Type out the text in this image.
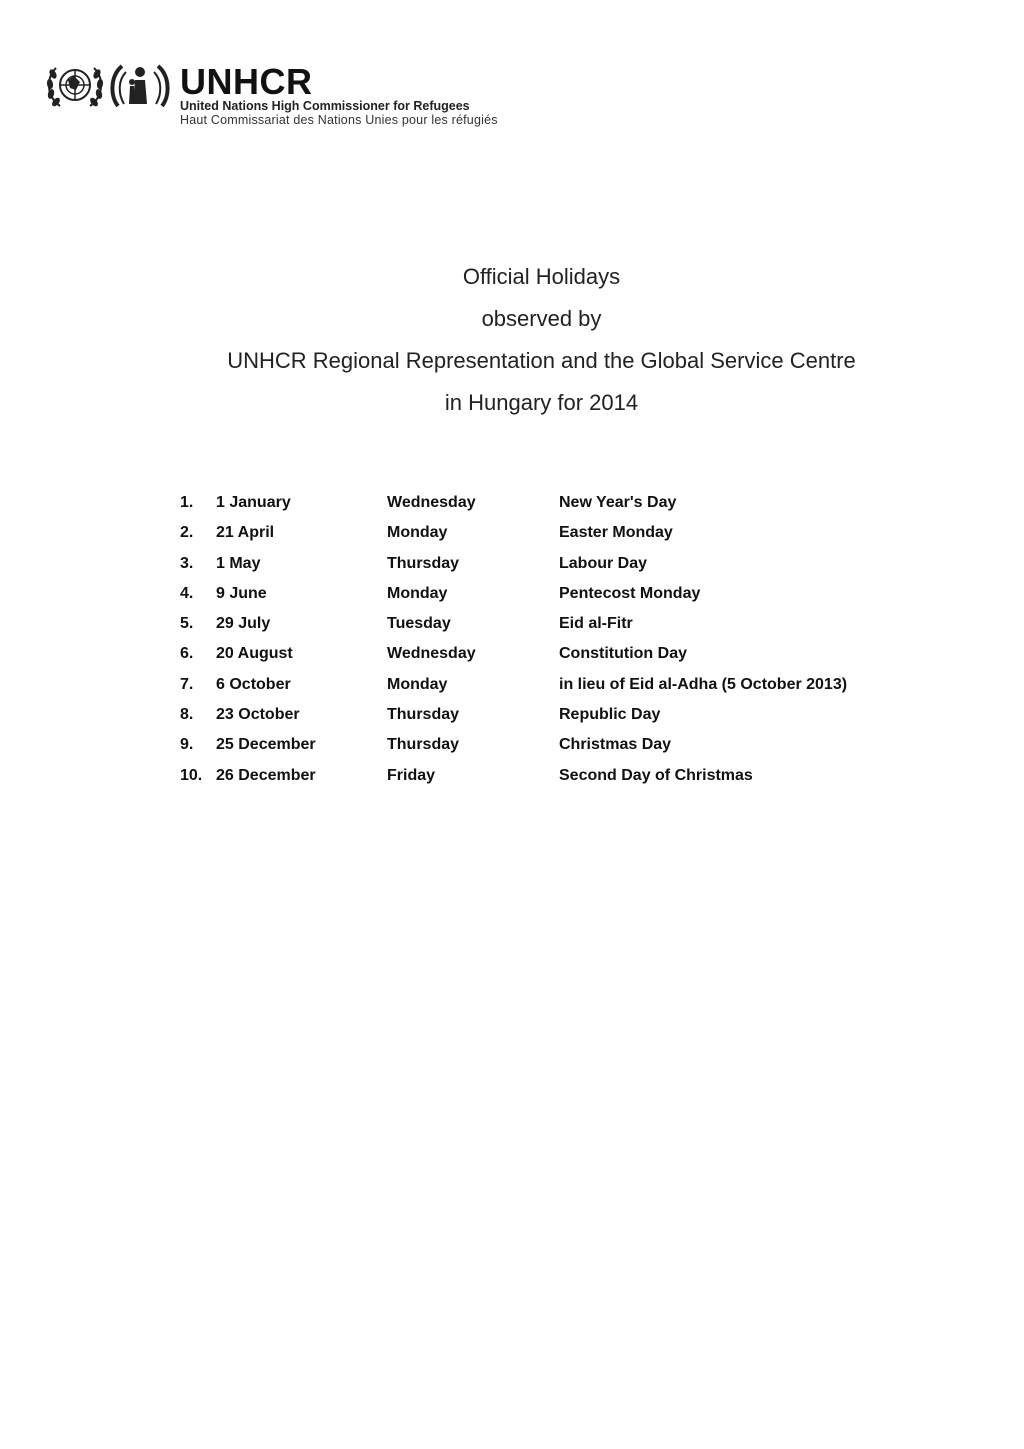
UNHCR
United Nations High Commissioner for Refugees
Haut Commissariat des Nations Unies pour les réfugiés

Official Holidays

observed by

UNHCR Regional Representation and the Global Service Centre

in Hungary for 2014

1. 1 January	Wednesday	New Year's Day
2. 21 April	Monday	Easter Monday
3. 1 May	Thursday	Labour Day
4. 9 June	Monday	Pentecost Monday
5. 29 July	Tuesday	Eid al-Fitr
6. 20 August	Wednesday	Constitution Day
7. 6 October	Monday	in lieu of Eid al-Adha (5 October 2013)
8. 23 October	Thursday	Republic Day
9. 25 December	Thursday	Christmas Day
10. 26 December	Friday	Second Day of Christmas
